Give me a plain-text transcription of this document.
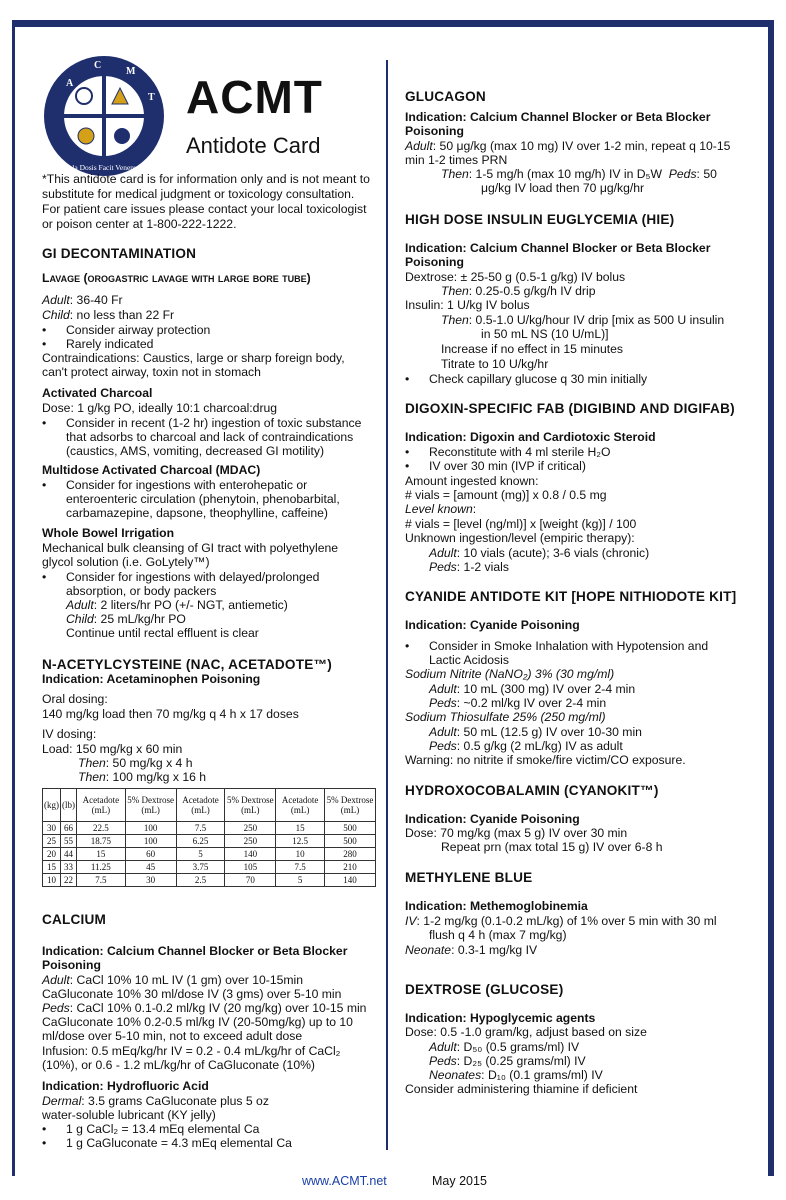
A
C
M
T
Sola Dosis Facit Venenum
ACMT
Antidote Card
*This antidote card is for information only and is not meant to
substitute for medical judgment or toxicology consultation.
For patient care issues please contact your local toxicologist
or poison center at 1-800-222-1222.
GI DECONTAMINATION
Lavage (orogastric lavage with large bore tube)
Adult: 36-40 Fr
Child: no less than 22 Fr
• Consider airway protection
• Rarely indicated
Contraindications: Caustics, large or sharp foreign body,
can't protect airway, toxin not in stomach
Activated Charcoal
Dose: 1 g/kg PO, ideally 10:1 charcoal:drug
• Consider in recent (1-2 hr) ingestion of toxic substance
that adsorbs to charcoal and lack of contraindications
(caustics, AMS, vomiting, decreased GI motility)
Multidose Activated Charcoal (MDAC)
• Consider for ingestions with enterohepatic or
enteroenteric circulation (phenytoin, phenobarbital,
carbamazepine, dapsone, theophylline, caffeine)
Whole Bowel Irrigation
Mechanical bulk cleansing of GI tract with polyethylene
glycol solution (i.e. GoLytely™)
• Consider for ingestions with delayed/prolonged
absorption, or body packers
Adult: 2 liters/hr PO (+/- NGT, antiemetic)
Child: 25 mL/kg/hr PO
Continue until rectal effluent is clear
N-ACETYLCYSTEINE (NAC, ACETADOTE™)
Indication: Acetaminophen Poisoning
Oral dosing:
140 mg/kg load then 70 mg/kg q 4 h x 17 doses
IV dosing:
Load: 150 mg/kg x 60 min
Then: 50 mg/kg x 4 h
Then: 100 mg/kg x 16 h
(kg)	(lb)	Acetadote (mL)	5% Dextrose (mL)	Acetadote (mL)	5% Dextrose (mL)	Acetadote (mL)	5% Dextrose (mL)
30	66	22.5	100	7.5	250	15	500
25	55	18.75	100	6.25	250	12.5	500
20	44	15	60	5	140	10	280
15	33	11.25	45	3.75	105	7.5	210
10	22	7.5	30	2.5	70	5	140
CALCIUM
Indication: Calcium Channel Blocker or Beta Blocker
Poisoning
Adult: CaCl 10% 10 mL IV (1 gm) over 10-15min
CaGluconate 10% 30 ml/dose IV (3 gms) over 5-10 min
Peds: CaCl 10% 0.1-0.2 ml/kg IV (20 mg/kg) over 10-15 min
CaGluconate 10% 0.2-0.5 ml/kg IV (20-50mg/kg) up to 10
ml/dose over 5-10 min, not to exceed adult dose
Infusion: 0.5 mEq/kg/hr IV = 0.2 - 0.4 mL/kg/hr of CaCl₂
(10%), or 0.6 - 1.2 mL/kg/hr of CaGluconate (10%)
Indication: Hydrofluoric Acid
Dermal: 3.5 grams CaGluconate plus 5 oz
water-soluble lubricant (KY jelly)
• 1 g CaCl₂ = 13.4 mEq elemental Ca
• 1 g CaGluconate = 4.3 mEq elemental Ca
GLUCAGON
Indication: Calcium Channel Blocker or Beta Blocker
Poisoning
Adult: 50 μg/kg (max 10 mg) IV over 1-2 min, repeat q 10-15
min 1-2 times PRN
Then: 1-5 mg/h (max 10 mg/h) IV in D₅W Peds: 50
μg/kg IV load then 70 μg/kg/hr
HIGH DOSE INSULIN EUGLYCEMIA (HIE)
Indication: Calcium Channel Blocker or Beta Blocker
Poisoning
Dextrose: ± 25-50 g (0.5-1 g/kg) IV bolus
Then: 0.25-0.5 g/kg/h IV drip
Insulin: 1 U/kg IV bolus
Then: 0.5-1.0 U/kg/hour IV drip [mix as 500 U insulin
in 50 mL NS (10 U/mL)]
Increase if no effect in 15 minutes
Titrate to 10 U/kg/hr
• Check capillary glucose q 30 min initially
DIGOXIN-SPECIFIC FAB (DIGIBIND AND DIGIFAB)
Indication: Digoxin and Cardiotoxic Steroid
• Reconstitute with 4 ml sterile H₂O
• IV over 30 min (IVP if critical)
Amount ingested known:
# vials = [amount (mg)] x 0.8 / 0.5 mg
Level known:
# vials = [level (ng/ml)] x [weight (kg)] / 100
Unknown ingestion/level (empiric therapy):
Adult: 10 vials (acute); 3-6 vials (chronic)
Peds: 1-2 vials
CYANIDE ANTIDOTE KIT [HOPE NITHIODOTE KIT]
Indication: Cyanide Poisoning
• Consider in Smoke Inhalation with Hypotension and
Lactic Acidosis
Sodium Nitrite (NaNO₂) 3% (30 mg/ml)
Adult: 10 mL (300 mg) IV over 2-4 min
Peds: ~0.2 ml/kg IV over 2-4 min
Sodium Thiosulfate 25% (250 mg/ml)
Adult: 50 mL (12.5 g) IV over 10-30 min
Peds: 0.5 g/kg (2 mL/kg) IV as adult
Warning: no nitrite if smoke/fire victim/CO exposure.
HYDROXOCOBALAMIN (CYANOKIT™)
Indication: Cyanide Poisoning
Dose: 70 mg/kg (max 5 g) IV over 30 min
Repeat prn (max total 15 g) IV over 6-8 h
METHYLENE BLUE
Indication: Methemoglobinemia
IV: 1-2 mg/kg (0.1-0.2 mL/kg) of 1% over 5 min with 30 ml
flush q 4 h (max 7 mg/kg)
Neonate: 0.3-1 mg/kg IV
DEXTROSE (GLUCOSE)
Indication: Hypoglycemic agents
Dose: 0.5 -1.0 gram/kg, adjust based on size
Adult: D₅₀ (0.5 grams/ml) IV
Peds: D₂₅ (0.25 grams/ml) IV
Neonates: D₁₀ (0.1 grams/ml) IV
Consider administering thiamine if deficient
www.ACMT.net	May 2015
